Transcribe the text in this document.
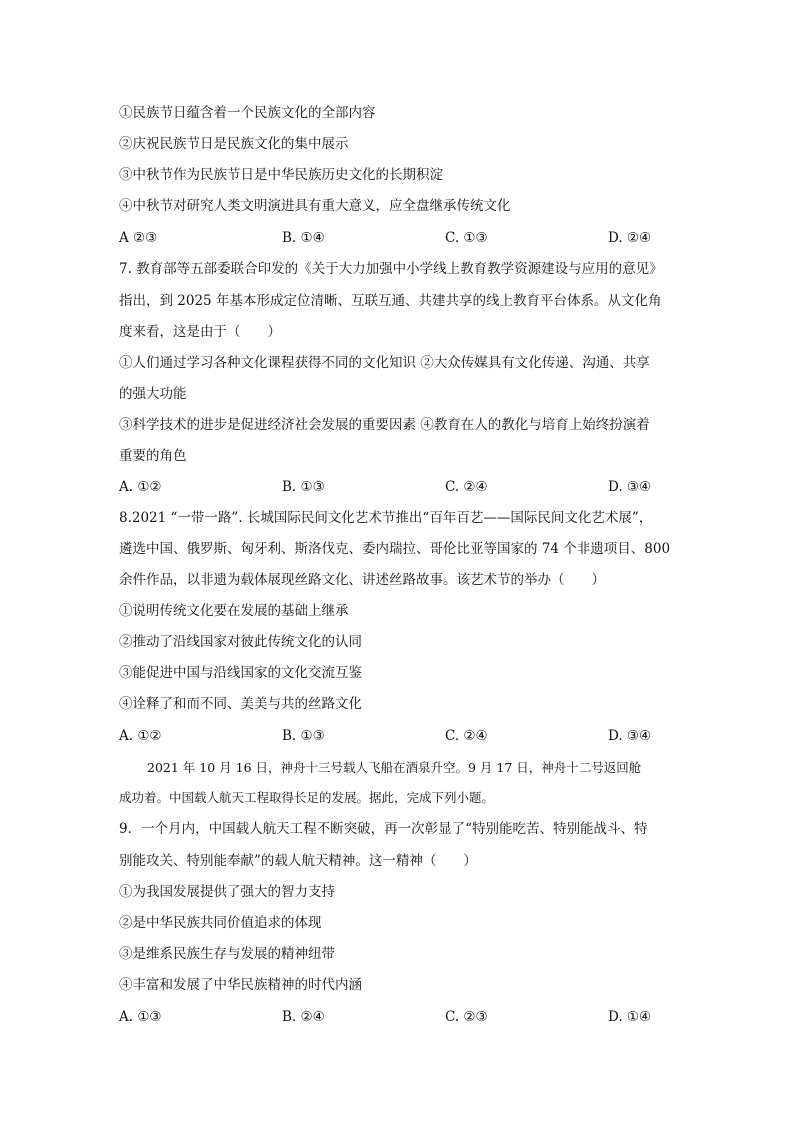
①民族节日蕴含着一个民族文化的全部内容
②庆祝民族节日是民族文化的集中展示
③中秋节作为民族节日是中华民族历史文化的长期积淀
④中秋节对研究人类文明演进具有重大意义，应全盘继承传统文化
A ②③	B. ①④	C. ①③	D. ②④
7. 教育部等五部委联合印发的《关于大力加强中小学线上教育教学资源建设与应用的意见》
指出，到 2025 年基本形成定位清晰、互联互通、共建共享的线上教育平台体系。从文化角
度来看，这是由于（　　）
①人们通过学习各种文化课程获得不同的文化知识 ②大众传媒具有文化传递、沟通、共享
的强大功能
③科学技术的进步是促进经济社会发展的重要因素 ④教育在人的教化与培育上始终扮演着
重要的角色
A. ①②	B. ①③	C. ②④	D. ③④
8.2021 “一带一路”. 长城国际民间文化艺术节推出“百年百艺——国际民间文化艺术展”，
遴选中国、俄罗斯、匈牙利、斯洛伐克、委内瑞拉、哥伦比亚等国家的 74 个非遗项目、800
余件作品，以非遗为载体展现丝路文化、讲述丝路故事。该艺术节的举办（　　）
①说明传统文化要在发展的基础上继承
②推动了沿线国家对彼此传统文化的认同
③能促进中国与沿线国家的文化交流互鉴
④诠释了和而不同、美美与共的丝路文化
A. ①②	B. ①③	C. ②④	D. ③④
2021 年 10 月 16 日，神舟十三号载人飞船在酒泉升空。9 月 17 日，神舟十二号返回舱
成功着。中国载人航天工程取得长足的发展。据此，完成下列小题。
9．一个月内，中国载人航天工程不断突破，再一次彰显了“特别能吃苦、特别能战斗、特
别能攻关、特别能奉献”的载人航天精神。这一精神（　　）
①为我国发展提供了强大的智力支持
②是中华民族共同价值追求的体现
③是维系民族生存与发展的精神纽带
④丰富和发展了中华民族精神的时代内涵
A. ①③	B. ②④	C. ②③	D. ①④
